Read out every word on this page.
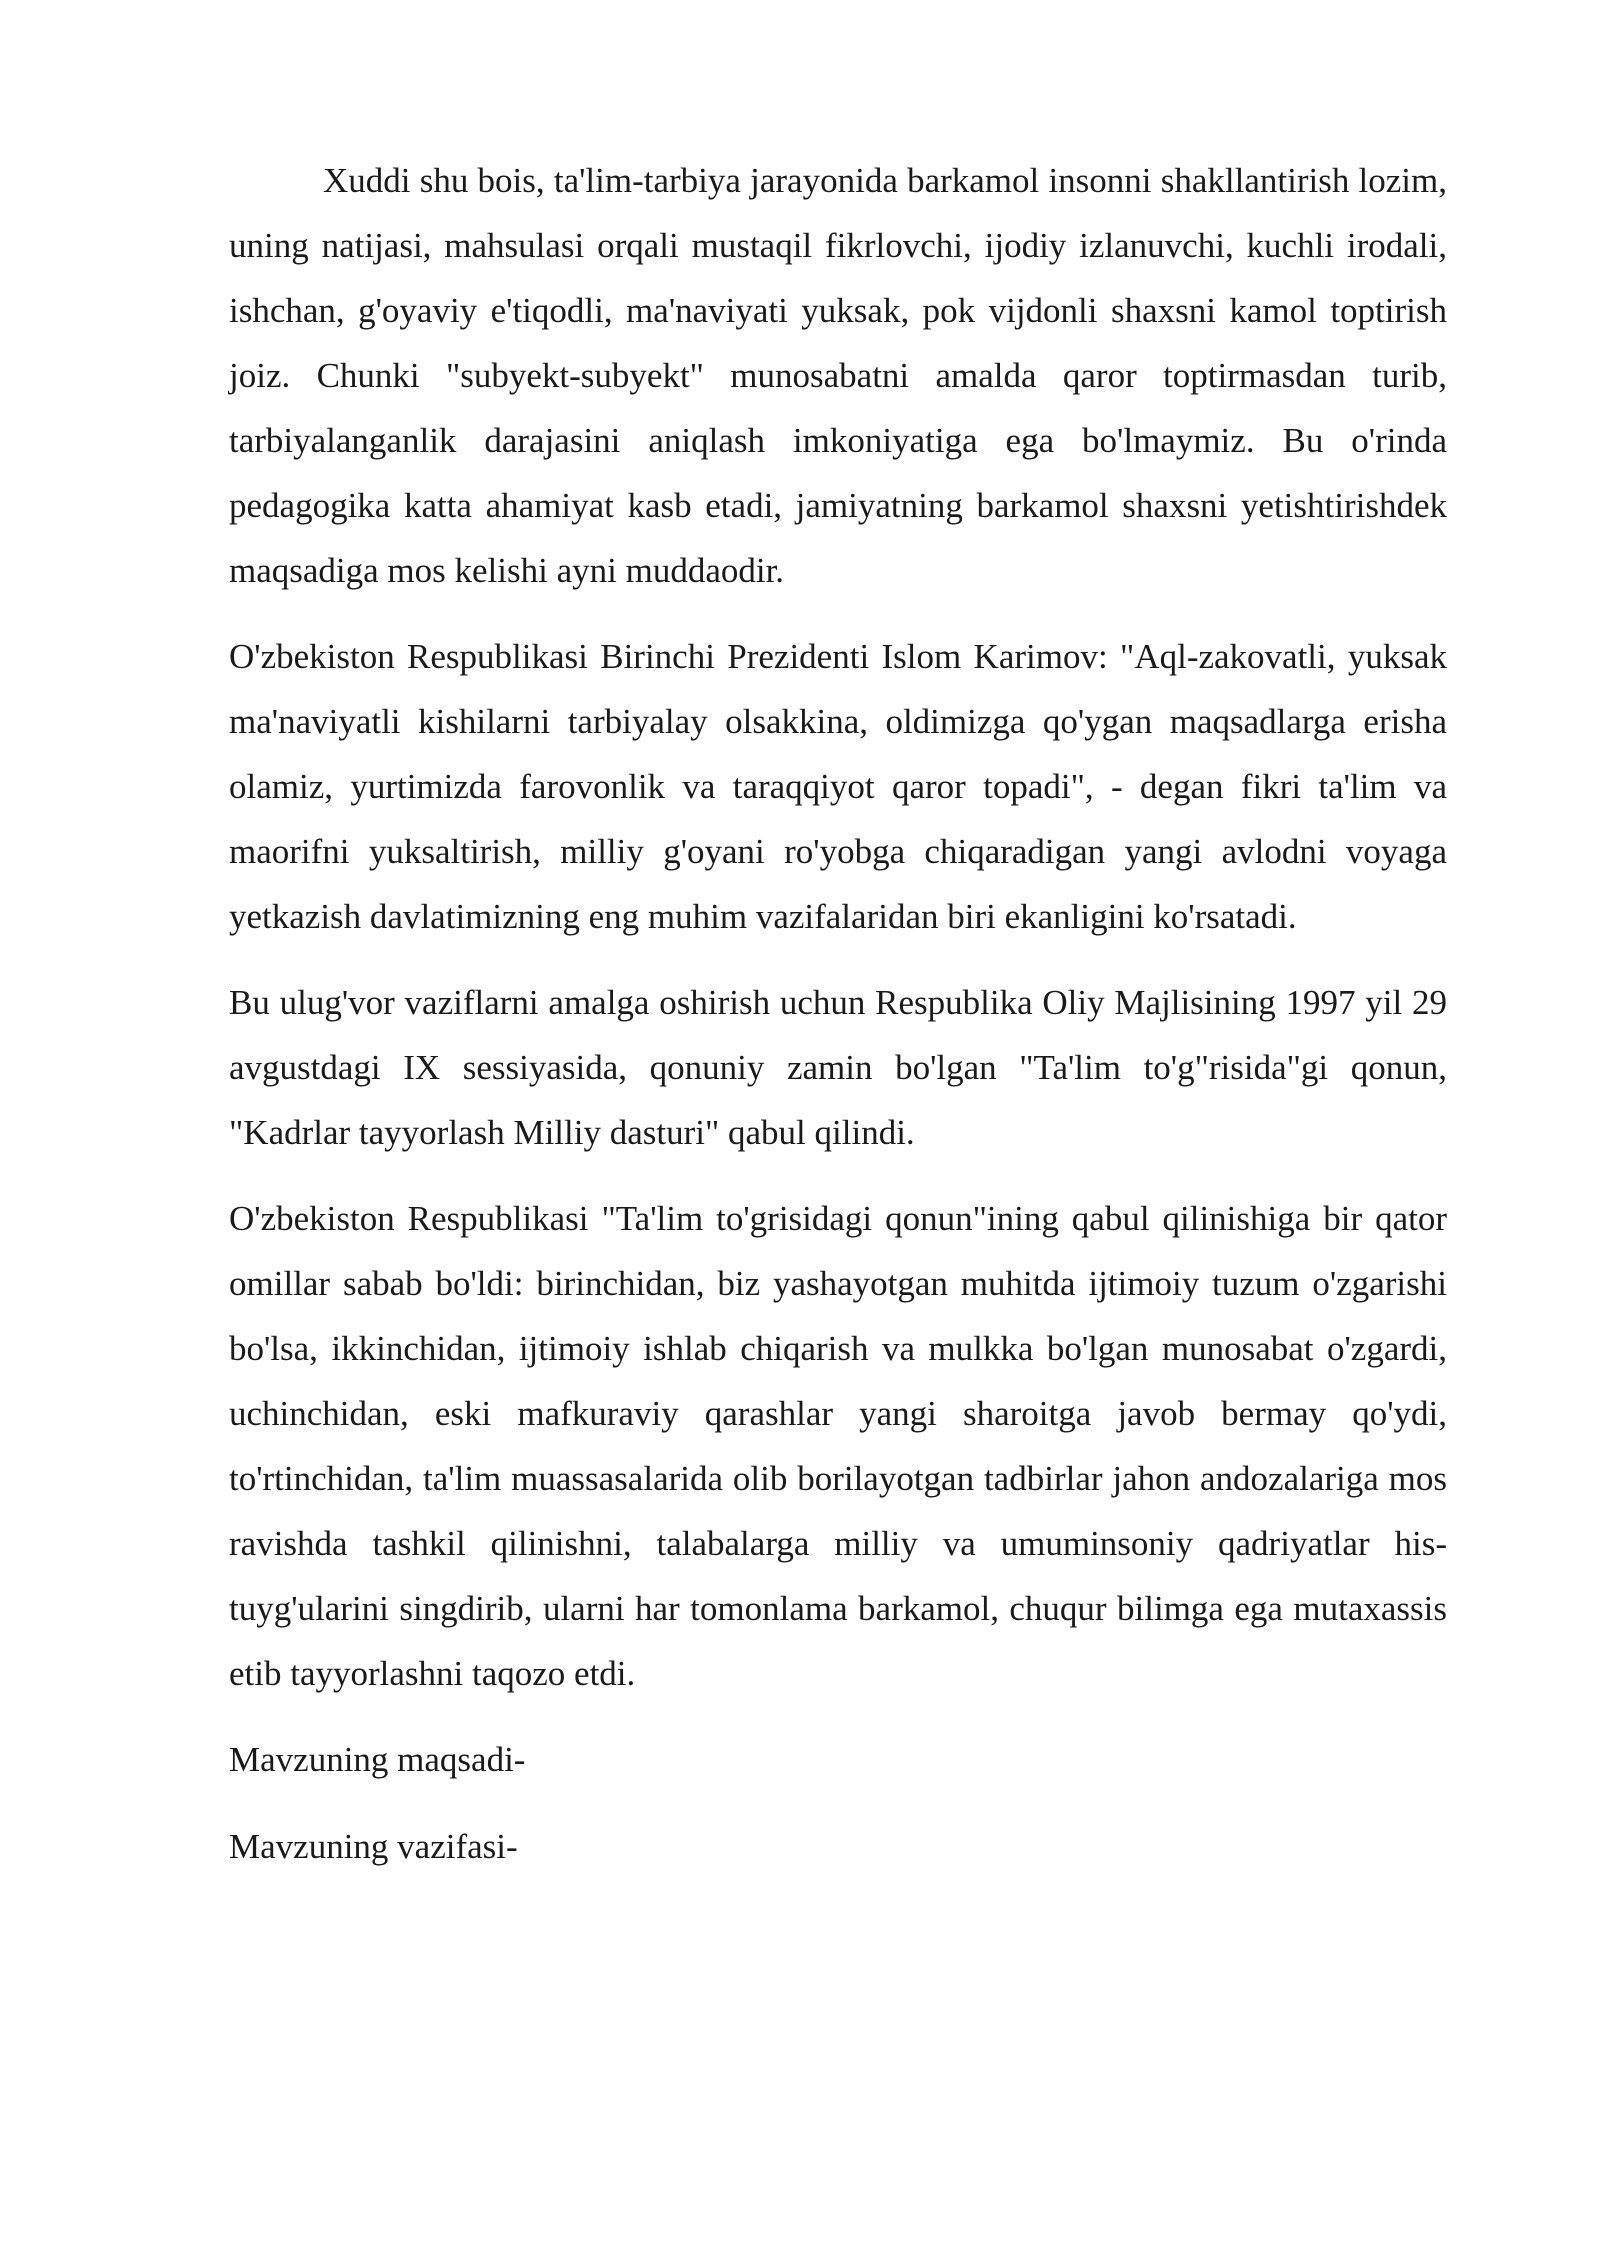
Xuddi shu bois, ta'lim-tarbiya jarayonida barkamol insonni shakllantirish lozim, uning natijasi, mahsulasi orqali mustaqil fikrlovchi, ijodiy izlanuvchi, kuchli irodali, ishchan, g'oyaviy e'tiqodli, ma'naviyati yuksak, pok vijdonli shaxsni kamol toptirish joiz. Chunki "subyekt-subyekt" munosabatni amalda qaror toptirmasdan turib, tarbiyalanganlik darajasini aniqlash imkoniyatiga ega bo'lmaymiz. Bu o'rinda pedagogika katta ahamiyat kasb etadi, jamiyatning barkamol shaxsni yetishtirishdek maqsadiga mos kelishi ayni muddaodir.

O'zbekiston Respublikasi Birinchi Prezidenti Islom Karimov: "Aql-zakovatli, yuksak ma'naviyatli kishilarni tarbiyalay olsakkina, oldimizga qo'ygan maqsadlarga erisha olamiz, yurtimizda farovonlik va taraqqiyot qaror topadi", - degan fikri ta'lim va maorifni yuksaltirish, milliy g'oyani ro'yobga chiqaradigan yangi avlodni voyaga yetkazish davlatimizning eng muhim vazifalaridan biri ekanligini ko'rsatadi.

Bu ulug'vor vaziflarni amalga oshirish uchun Respublika Oliy Majlisining 1997 yil 29 avgustdagi IX sessiyasida, qonuniy zamin bo'lgan "Ta'lim to'g"risida"gi qonun, "Kadrlar tayyorlash Milliy dasturi" qabul qilindi.

O'zbekiston Respublikasi "Ta'lim to'grisidagi qonun"ining qabul qilinishiga bir qator omillar sabab bo'ldi: birinchidan, biz yashayotgan muhitda ijtimoiy tuzum o'zgarishi bo'lsa, ikkinchidan, ijtimoiy ishlab chiqarish va mulkka bo'lgan munosabat o'zgardi, uchinchidan, eski mafkuraviy qarashlar yangi sharoitga javob bermay qo'ydi, to'rtinchidan, ta'lim muassasalarida olib borilayotgan tadbirlar jahon andozalariga mos ravishda tashkil qilinishni, talabalarga milliy va umuminsoniy qadriyatlar his-tuyg'ularini singdirib, ularni har tomonlama barkamol, chuqur bilimga ega mutaxassis etib tayyorlashni taqozo etdi.

Mavzuning maqsadi-

Mavzuning vazifasi-
